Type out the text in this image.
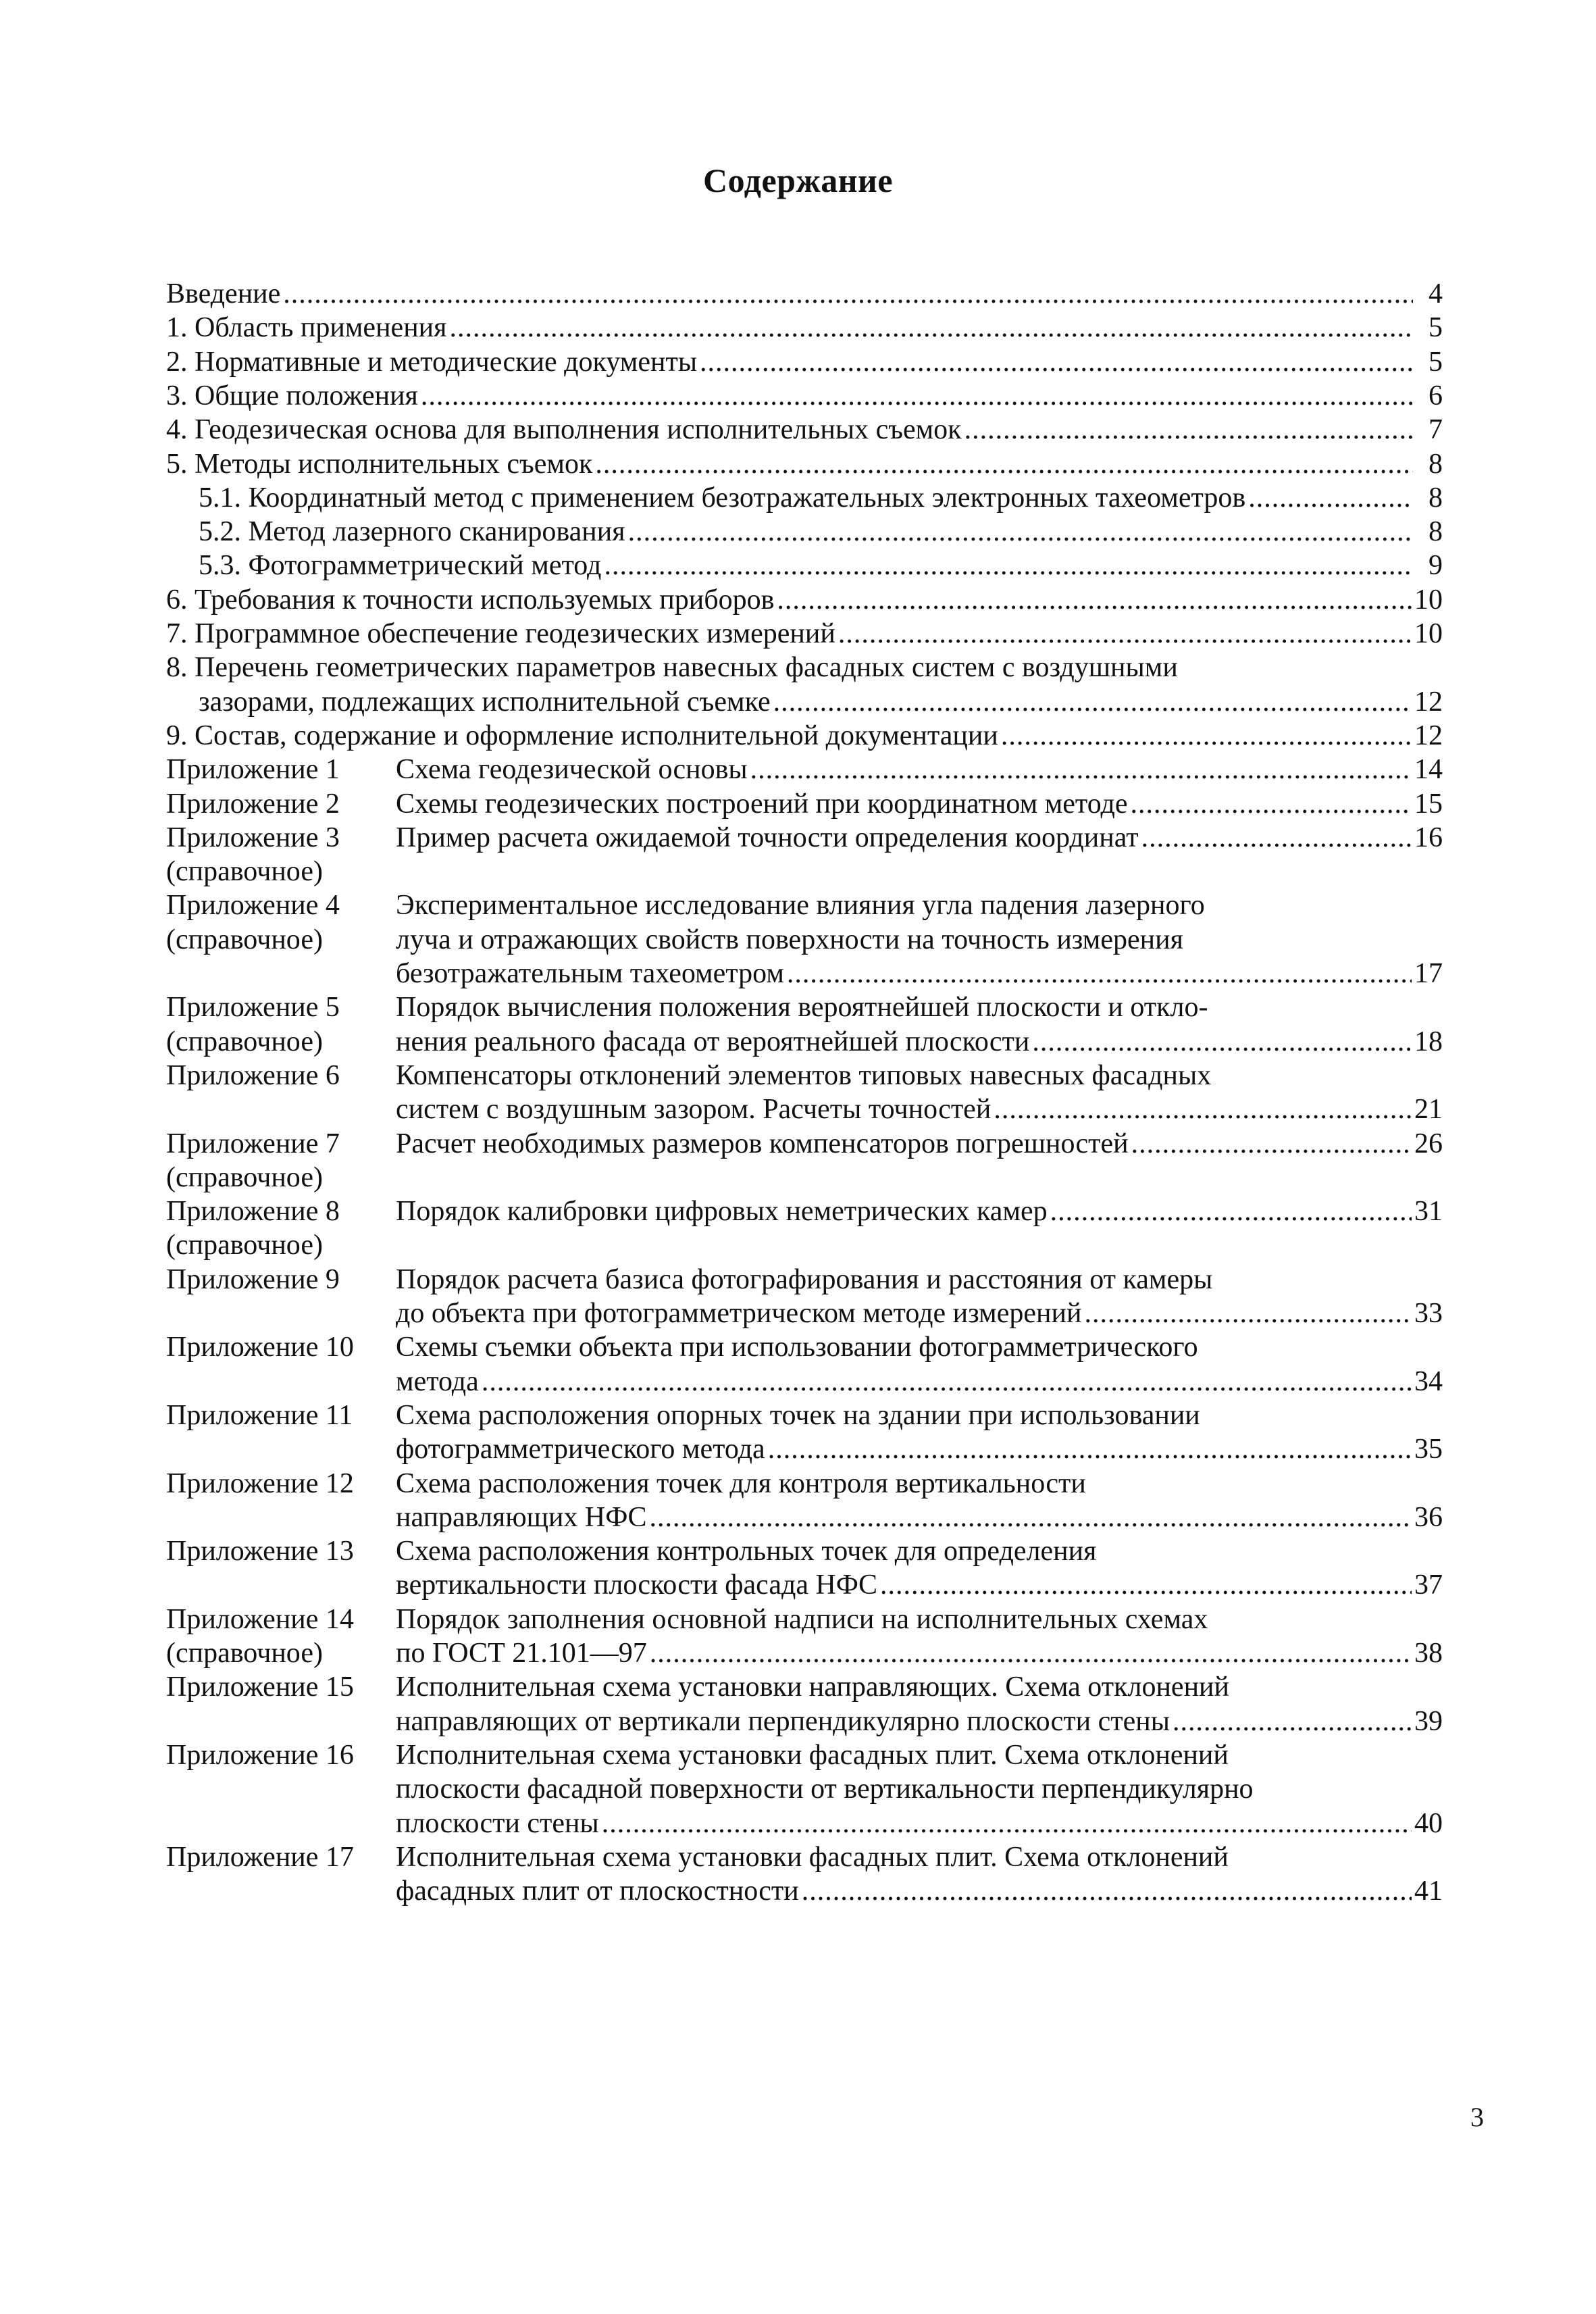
Содержание
Введение .....	4
1. Область применения .....	5
2. Нормативные и методические документы .....	5
3. Общие положения .....	6
4. Геодезическая основа для выполнения исполнительных съемок .....	7
5. Методы исполнительных съемок .....	8
5.1. Координатный метод с применением безотражательных электронных тахеометров .....	8
5.2. Метод лазерного сканирования .....	8
5.3. Фотограмметрический метод .....	9
6. Требования к точности используемых приборов .....	10
7. Программное обеспечение геодезических измерений .....	10
8. Перечень геометрических параметров навесных фасадных систем с воздушными
зазорами, подлежащих исполнительной съемке .....	12
9. Состав, содержание и оформление исполнительной документации .....	12
Приложение 1 Схема геодезической основы .....	14
Приложение 2 Схемы геодезических построений при координатном методе .....	15
Приложение 3
(справочное)
Пример расчета ожидаемой точности определения координат .....	16
Приложение 4
(справочное)
Экспериментальное исследование влияния угла падения лазерного
луча и отражающих свойств поверхности на точность измерения
безотражательным тахеометром .....	17
Приложение 5
(справочное)
Порядок вычисления положения вероятнейшей плоскости и откло-
нения реального фасада от вероятнейшей плоскости .....	18
Приложение 6 Компенсаторы отклонений элементов типовых навесных фасадных
систем с воздушным зазором. Расчеты точностей .....	21
Приложение 7
(справочное)
Расчет необходимых размеров компенсаторов погрешностей .....	26
Приложение 8
(справочное)
Порядок калибровки цифровых неметрических камер .....	31
Приложение 9 Порядок расчета базиса фотографирования и расстояния от камеры
до объекта при фотограмметрическом методе измерений .....	33
Приложение 10 Схемы съемки объекта при использовании фотограмметрического
метода .....	34
Приложение 11 Схема расположения опорных точек на здании при использовании
фотограмметрического метода .....	35
Приложение 12 Схема расположения точек для контроля вертикальности
направляющих НФС .....	36
Приложение 13 Схема расположения контрольных точек для определения
вертикальности плоскости фасада НФС .....	37
Приложение 14
(справочное)
Порядок заполнения основной надписи на исполнительных схемах
по ГОСТ 21.101—97 .....	38
Приложение 15 Исполнительная схема установки направляющих. Схема отклонений
направляющих от вертикали перпендикулярно плоскости стены .....	39
Приложение 16 Исполнительная схема установки фасадных плит. Схема отклонений
плоскости фасадной поверхности от вертикальности перпендикулярно
плоскости стены .....	40
Приложение 17 Исполнительная схема установки фасадных плит. Схема отклонений
фасадных плит от плоскостности .....	41
3
